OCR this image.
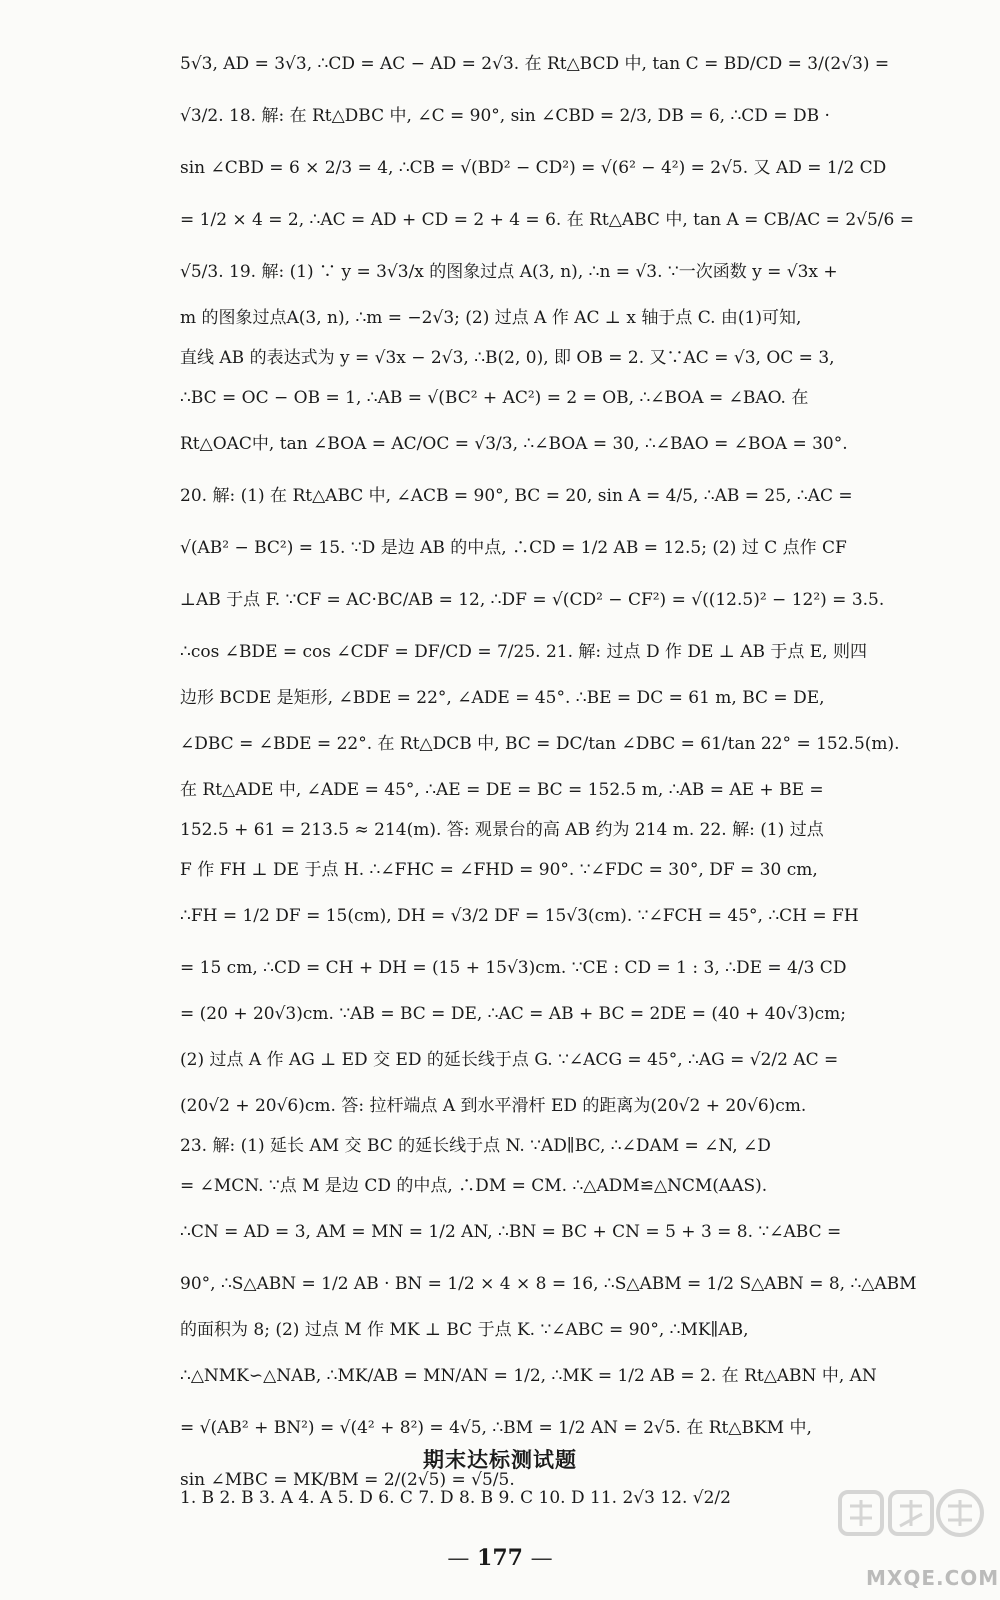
5√3, AD = 3√3, ∴CD = AC − AD = 2√3. 在 Rt△BCD 中, tan C = BD/CD = 3/(2√3) =
√3/2. 18. 解: 在 Rt△DBC 中, ∠C = 90°, sin ∠CBD = 2/3, DB = 6, ∴CD = DB ·
sin ∠CBD = 6 × 2/3 = 4, ∴CB = √(BD² − CD²) = √(6² − 4²) = 2√5. 又 AD = 1/2 CD
= 1/2 × 4 = 2, ∴AC = AD + CD = 2 + 4 = 6. 在 Rt△ABC 中, tan A = CB/AC = 2√5/6 =
√5/3. 19. 解: (1) ∵ y = 3√3/x 的图象过点 A(3, n), ∴n = √3. ∵一次函数 y = √3x +
m 的图象过点A(3, n), ∴m = −2√3; (2) 过点 A 作 AC ⊥ x 轴于点 C. 由(1)可知,
直线 AB 的表达式为 y = √3x − 2√3, ∴B(2, 0), 即 OB = 2. 又∵AC = √3, OC = 3,
∴BC = OC − OB = 1, ∴AB = √(BC² + AC²) = 2 = OB, ∴∠BOA = ∠BAO. 在
Rt△OAC中, tan ∠BOA = AC/OC = √3/3, ∴∠BOA = 30, ∴∠BAO = ∠BOA = 30°.
20. 解: (1) 在 Rt△ABC 中, ∠ACB = 90°, BC = 20, sin A = 4/5, ∴AB = 25, ∴AC =
√(AB² − BC²) = 15. ∵D 是边 AB 的中点, ∴CD = 1/2 AB = 12.5; (2) 过 C 点作 CF
⊥AB 于点 F. ∵CF = AC·BC/AB = 12, ∴DF = √(CD² − CF²) = √((12.5)² − 12²) = 3.5.
∴cos ∠BDE = cos ∠CDF = DF/CD = 7/25. 21. 解: 过点 D 作 DE ⊥ AB 于点 E, 则四
边形 BCDE 是矩形, ∠BDE = 22°, ∠ADE = 45°. ∴BE = DC = 61 m, BC = DE,
∠DBC = ∠BDE = 22°. 在 Rt△DCB 中, BC = DC/tan ∠DBC = 61/tan 22° = 152.5(m).
在 Rt△ADE 中, ∠ADE = 45°, ∴AE = DE = BC = 152.5 m, ∴AB = AE + BE =
152.5 + 61 = 213.5 ≈ 214(m). 答: 观景台的高 AB 约为 214 m. 22. 解: (1) 过点
F 作 FH ⊥ DE 于点 H. ∴∠FHC = ∠FHD = 90°. ∵∠FDC = 30°, DF = 30 cm,
∴FH = 1/2 DF = 15(cm), DH = √3/2 DF = 15√3(cm). ∵∠FCH = 45°, ∴CH = FH
= 15 cm, ∴CD = CH + DH = (15 + 15√3)cm. ∵CE : CD = 1 : 3, ∴DE = 4/3 CD
= (20 + 20√3)cm. ∵AB = BC = DE, ∴AC = AB + BC = 2DE = (40 + 40√3)cm;
(2) 过点 A 作 AG ⊥ ED 交 ED 的延长线于点 G. ∵∠ACG = 45°, ∴AG = √2/2 AC =
(20√2 + 20√6)cm. 答: 拉杆端点 A 到水平滑杆 ED 的距离为(20√2 + 20√6)cm.
23. 解: (1) 延长 AM 交 BC 的延长线于点 N. ∵AD∥BC, ∴∠DAM = ∠N, ∠D
= ∠MCN. ∵点 M 是边 CD 的中点, ∴DM = CM. ∴△ADM≌△NCM(AAS).
∴CN = AD = 3, AM = MN = 1/2 AN, ∴BN = BC + CN = 5 + 3 = 8. ∵∠ABC =
90°, ∴S△ABN = 1/2 AB · BN = 1/2 × 4 × 8 = 16, ∴S△ABM = 1/2 S△ABN = 8, ∴△ABM
的面积为 8; (2) 过点 M 作 MK ⊥ BC 于点 K. ∵∠ABC = 90°, ∴MK∥AB,
∴△NMK∽△NAB, ∴MK/AB = MN/AN = 1/2, ∴MK = 1/2 AB = 2. 在 Rt△ABN 中, AN
= √(AB² + BN²) = √(4² + 8²) = 4√5, ∴BM = 1/2 AN = 2√5. 在 Rt△BKM 中,
sin ∠MBC = MK/BM = 2/(2√5) = √5/5.
期末达标测试题
1. B 2. B 3. A 4. A 5. D 6. C 7. D 8. B 9. C 10. D 11. 2√3 12. √2/2
— 177 —
MXQE.COM
